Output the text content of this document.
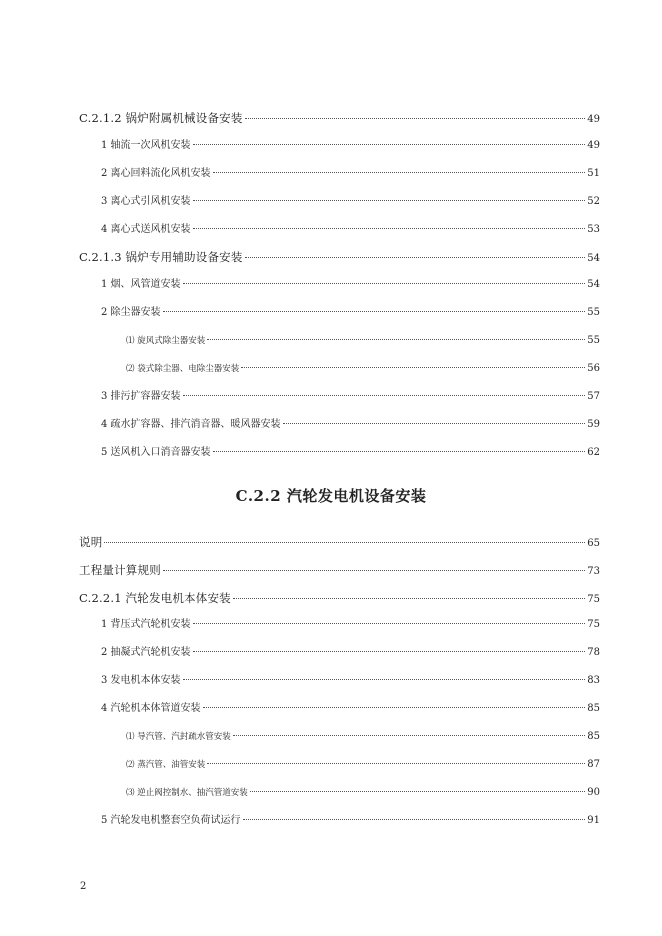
C.2.1.2 锅炉附属机械设备安装	49
1 轴流一次风机安装	49
2 离心回料流化风机安装	51
3 离心式引风机安装	52
4 离心式送风机安装	53
C.2.1.3 锅炉专用辅助设备安装	54
1 烟、风管道安装	54
2 除尘器安装	55
⑴ 旋风式除尘器安装	55
⑵ 袋式除尘器、电除尘器安装	56
3 排污扩容器安装	57
4 疏水扩容器、排汽消音器、暖风器安装	59
5 送风机入口消音器安装	62
C.2.2 汽轮发电机设备安装
说明	65
工程量计算规则	73
C.2.2.1 汽轮发电机本体安装	75
1 背压式汽轮机安装	75
2 抽凝式汽轮机安装	78
3 发电机本体安装	83
4 汽轮机本体管道安装	85
⑴ 导汽管、汽封疏水管安装	85
⑵ 蒸汽管、油管安装	87
⑶ 逆止阀控制水、抽汽管道安装	90
5 汽轮发电机整套空负荷试运行	91
2
